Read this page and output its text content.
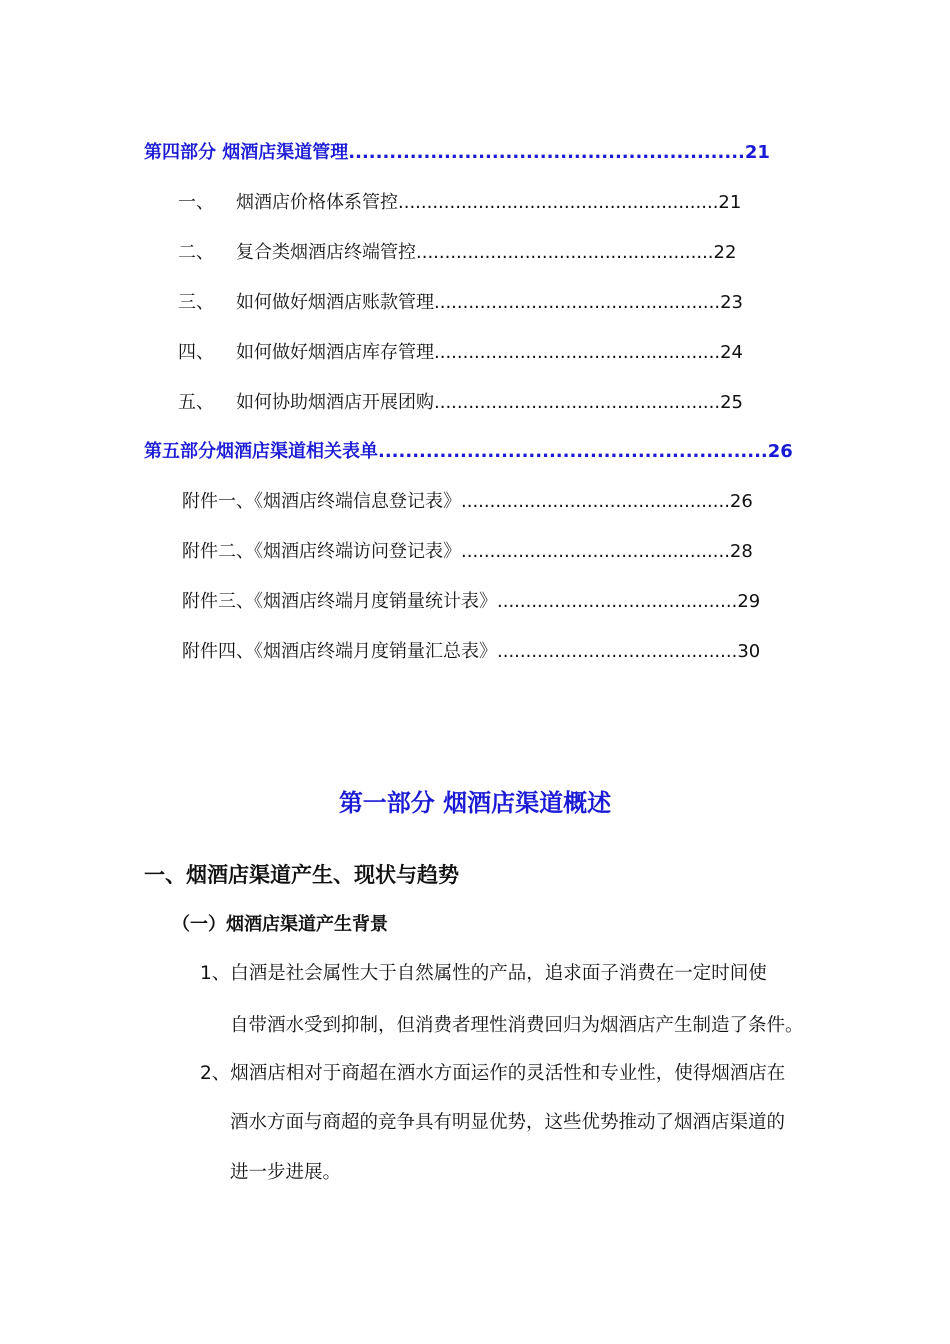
第四部分 烟酒店渠道管理..........................................................21
一、 烟酒店价格体系管控........................................................21
二、 复合类烟酒店终端管控....................................................22
三、 如何做好烟酒店账款管理..................................................23
四、 如何做好烟酒店库存管理..................................................24
五、 如何协助烟酒店开展团购..................................................25
第五部分烟酒店渠道相关表单.........................................................26
附件一、《烟酒店终端信息登记表》...............................................26
附件二、《烟酒店终端访问登记表》...............................................28
附件三、《烟酒店终端月度销量统计表》..........................................29
附件四、《烟酒店终端月度销量汇总表》..........................................30
第一部分 烟酒店渠道概述
一、烟酒店渠道产生、现状与趋势
（一）烟酒店渠道产生背景
1、白酒是社会属性大于自然属性的产品，追求面子消费在一定时间使
自带酒水受到抑制，但消费者理性消费回归为烟酒店产生制造了条件。
2、烟酒店相对于商超在酒水方面运作的灵活性和专业性，使得烟酒店在
酒水方面与商超的竞争具有明显优势，这些优势推动了烟酒店渠道的
进一步进展。
